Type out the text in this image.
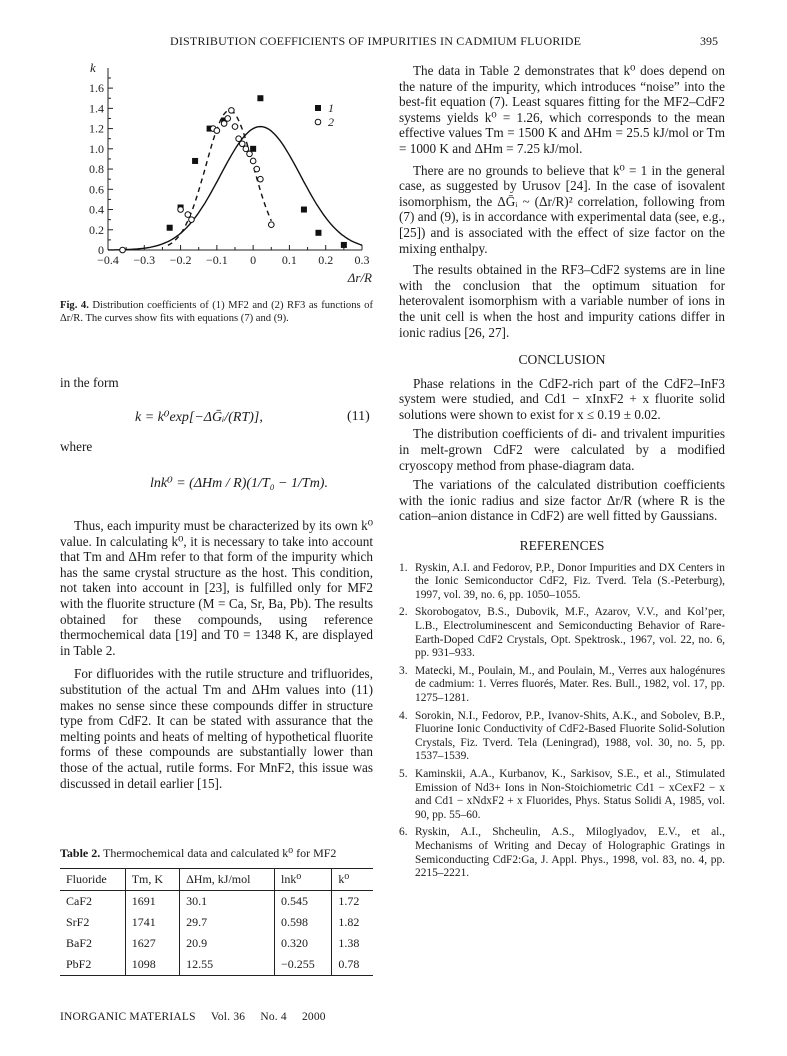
DISTRIBUTION COEFFICIENTS OF IMPURITIES IN CADMIUM FLUORIDE	395
−0.4 −0.3 −0.2 −0.1 0 0.1 0.2 0.3
0
0.2
0.4
0.6
0.8
1.0
1.2
1.4
1.6
k
Δr/R
1
2
Fig. 4. Distribution coefficients of (1) MF2 and (2) RF3 as functions of Δr/R. The curves show fits with equations (7) and (9).
in the form
k = k⁰exp[−ΔḠᵢ/(RT)],	(11)
where
lnk⁰ = (ΔHm / R)(1/T₀ − 1/Tm).

Thus, each impurity must be characterized by its own k⁰ value. In calculating k⁰, it is necessary to take into account that Tm and ΔHm refer to that form of the impurity which has the same crystal structure as the host. This condition, not taken into account in [23], is fulfilled only for MF2 with the fluorite structure (M = Ca, Sr, Ba, Pb). The results obtained for these compounds, using reference thermochemical data [19] and T0 = 1348 K, are displayed in Table 2.

For difluorides with the rutile structure and trifluorides, substitution of the actual Tm and ΔHm values into (11) makes no sense since these compounds differ in structure type from CdF2. It can be stated with assurance that the melting points and heats of melting of hypothetical fluorite forms of these compounds are substantially lower than those of the actual, rutile forms. For MnF2, this issue was discussed in detail earlier [15].

Table 2. Thermochemical data and calculated k⁰ for MF2
Fluoride	Tm, K	ΔHm, kJ/mol	lnk⁰	k⁰
CaF2	1691	30.1	0.545	1.72
SrF2	1741	29.7	0.598	1.82
BaF2	1627	20.9	0.320	1.38
PbF2	1098	12.55	−0.255	0.78

The data in Table 2 demonstrates that k⁰ does depend on the nature of the impurity, which introduces “noise” into the best-fit equation (7). Least squares fitting for the MF2–CdF2 systems yields k⁰ = 1.26, which corresponds to the mean effective values Tm = 1500 K and ΔHm = 25.5 kJ/mol or Tm = 1000 K and ΔHm = 7.25 kJ/mol.

There are no grounds to believe that k⁰ = 1 in the general case, as suggested by Urusov [24]. In the case of isovalent isomorphism, the ΔḠᵢ ~ (Δr/R)² correlation, following from (7) and (9), is in accordance with experimental data (see, e.g., [25]) and is associated with the effect of size factor on the mixing enthalpy.

The results obtained in the RF3–CdF2 systems are in line with the conclusion that the optimum situation for heterovalent isomorphism with a variable number of ions in the unit cell is when the host and impurity cations differ in ionic radius [26, 27].

CONCLUSION

Phase relations in the CdF2-rich part of the CdF2–InF3 system were studied, and Cd1 − xInxF2 + x fluorite solid solutions were shown to exist for x ≤ 0.19 ± 0.02.

The distribution coefficients of di- and trivalent impurities in melt-grown CdF2 were calculated by a modified cryoscopy method from phase-diagram data.

The variations of the calculated distribution coefficients with the ionic radius and size factor Δr/R (where R is the cation–anion distance in CdF2) are well fitted by Gaussians.

REFERENCES

1. Ryskin, A.I. and Fedorov, P.P., Donor Impurities and DX Centers in the Ionic Semiconductor CdF2, Fiz. Tverd. Tela (S.-Peterburg), 1997, vol. 39, no. 6, pp. 1050–1055.
2. Skorobogatov, B.S., Dubovik, M.F., Azarov, V.V., and Kol’per, L.B., Electroluminescent and Semiconducting Behavior of Rare-Earth-Doped CdF2 Crystals, Opt. Spektrosk., 1967, vol. 22, no. 6, pp. 931–933.
3. Matecki, M., Poulain, M., and Poulain, M., Verres aux halogénures de cadmium: 1. Verres fluorés, Mater. Res. Bull., 1982, vol. 17, pp. 1275–1281.
4. Sorokin, N.I., Fedorov, P.P., Ivanov-Shits, A.K., and Sobolev, B.P., Fluorine Ionic Conductivity of CdF2-Based Fluorite Solid-Solution Crystals, Fiz. Tverd. Tela (Leningrad), 1988, vol. 30, no. 5, pp. 1537–1539.
5. Kaminskii, A.A., Kurbanov, K., Sarkisov, S.E., et al., Stimulated Emission of Nd3+ Ions in Non-Stoichiometric Cd1 − xCexF2 − x and Cd1 − xNdxF2 + x Fluorides, Phys. Status Solidi A, 1985, vol. 90, pp. 55–60.
6. Ryskin, A.I., Shcheulin, A.S., Miloglyadov, E.V., et al., Mechanisms of Writing and Decay of Holographic Gratings in Semiconducting CdF2:Ga, J. Appl. Phys., 1998, vol. 83, no. 4, pp. 2215–2221.
INORGANIC MATERIALS Vol. 36 No. 4 2000
